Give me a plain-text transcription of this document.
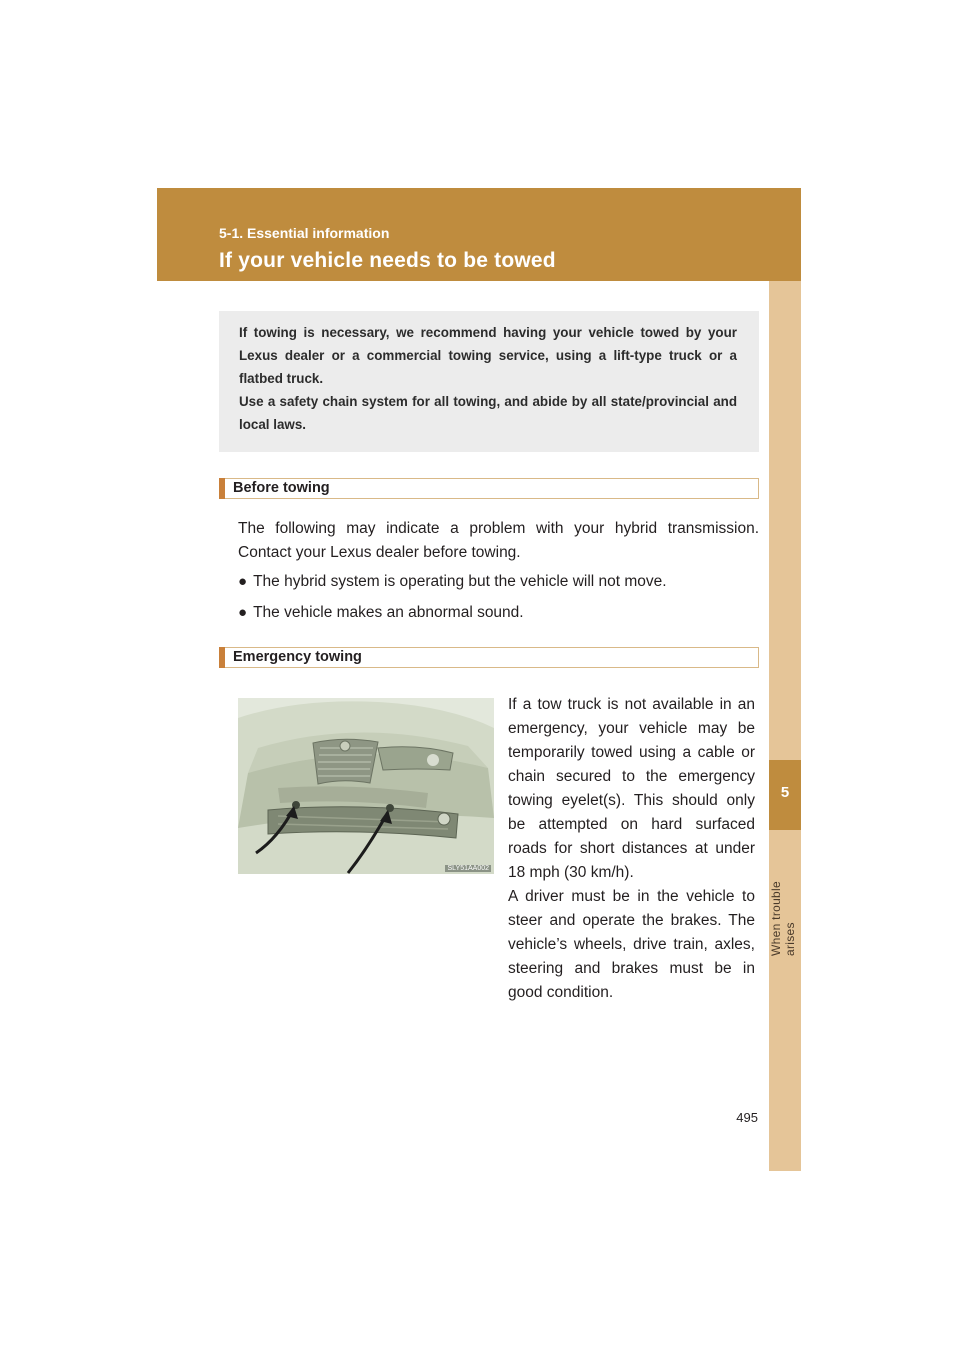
5
When trouble arises
5-1. Essential information
If your vehicle needs to be towed

If towing is necessary, we recommend having your vehicle towed by your Lexus dealer or a commercial towing service, using a lift-type truck or a flatbed truck.

Use a safety chain system for all towing, and abide by all state/provincial and local laws.

Before towing
The following may indicate a problem with your hybrid transmission. Contact your Lexus dealer before towing.
● The hybrid system is operating but the vehicle will not move.
● The vehicle makes an abnormal sound.
Emergency towing
SLY51AA002
If a tow truck is not available in an emergency, your vehicle may be temporarily towed using a cable or chain secured to the emergency towing eyelet(s). This should only be attempted on hard surfaced roads for short distances at under 18 mph (30 km/h).
A driver must be in the vehicle to steer and operate the brakes. The vehicle’s wheels, drive train, axles, steering and brakes must be in good condition.
495
